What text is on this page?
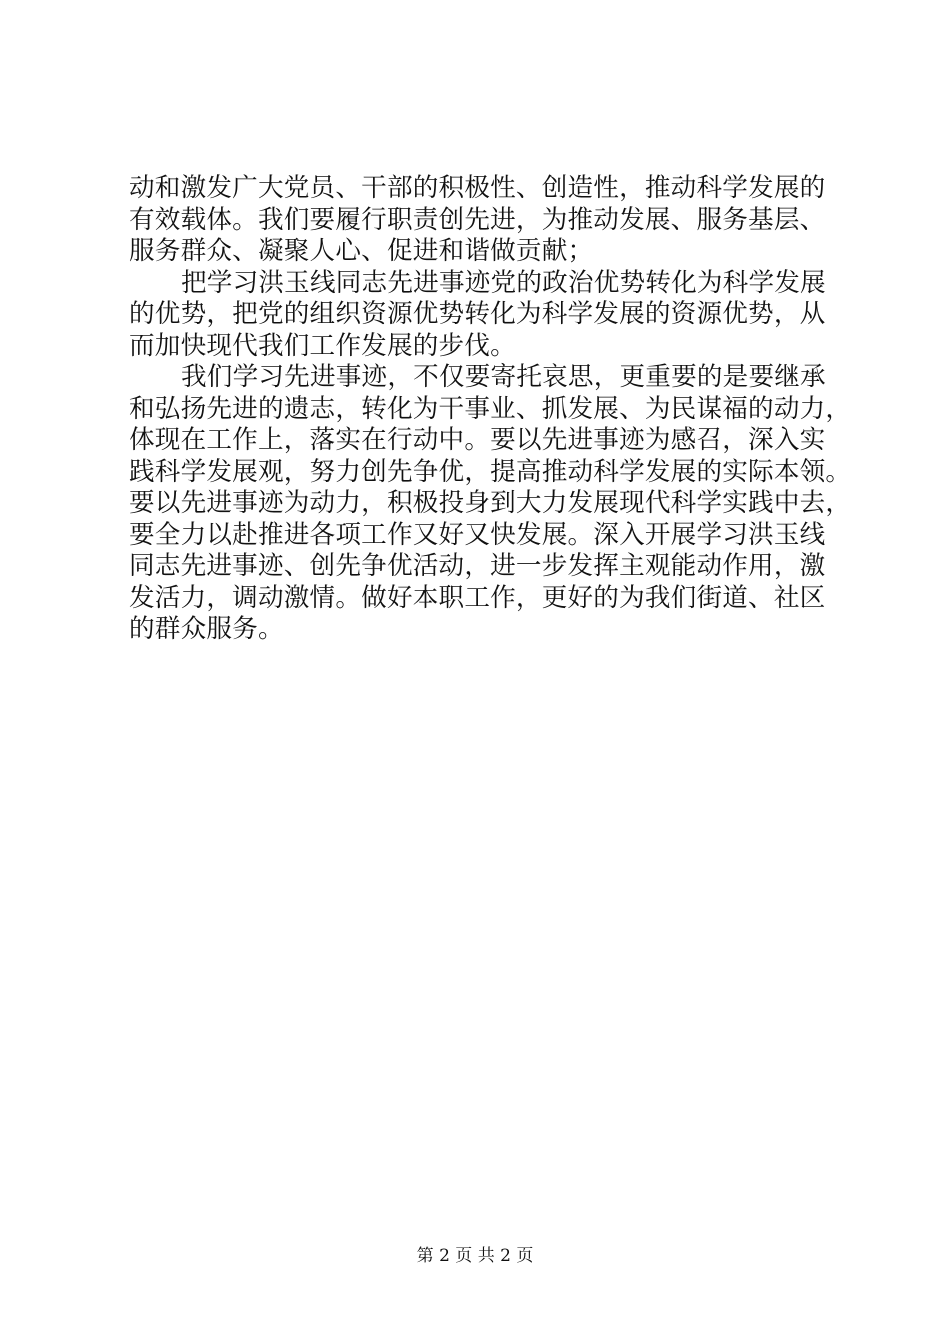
动和激发广大党员、干部的积极性、创造性，推动科学发展的
有效载体。我们要履行职责创先进，为推动发展、服务基层、
服务群众、凝聚人心、促进和谐做贡献；
把学习洪玉线同志先进事迹党的政治优势转化为科学发展
的优势，把党的组织资源优势转化为科学发展的资源优势，从
而加快现代我们工作发展的步伐。
我们学习先进事迹，不仅要寄托哀思，更重要的是要继承
和弘扬先进的遗志，转化为干事业、抓发展、为民谋福的动力，
体现在工作上，落实在行动中。要以先进事迹为感召，深入实
践科学发展观，努力创先争优，提高推动科学发展的实际本领。
要以先进事迹为动力，积极投身到大力发展现代科学实践中去，
要全力以赴推进各项工作又好又快发展。深入开展学习洪玉线
同志先进事迹、创先争优活动，进一步发挥主观能动作用，激
发活力，调动激情。做好本职工作，更好的为我们街道、社区
的群众服务。
第 2 页 共 2 页
